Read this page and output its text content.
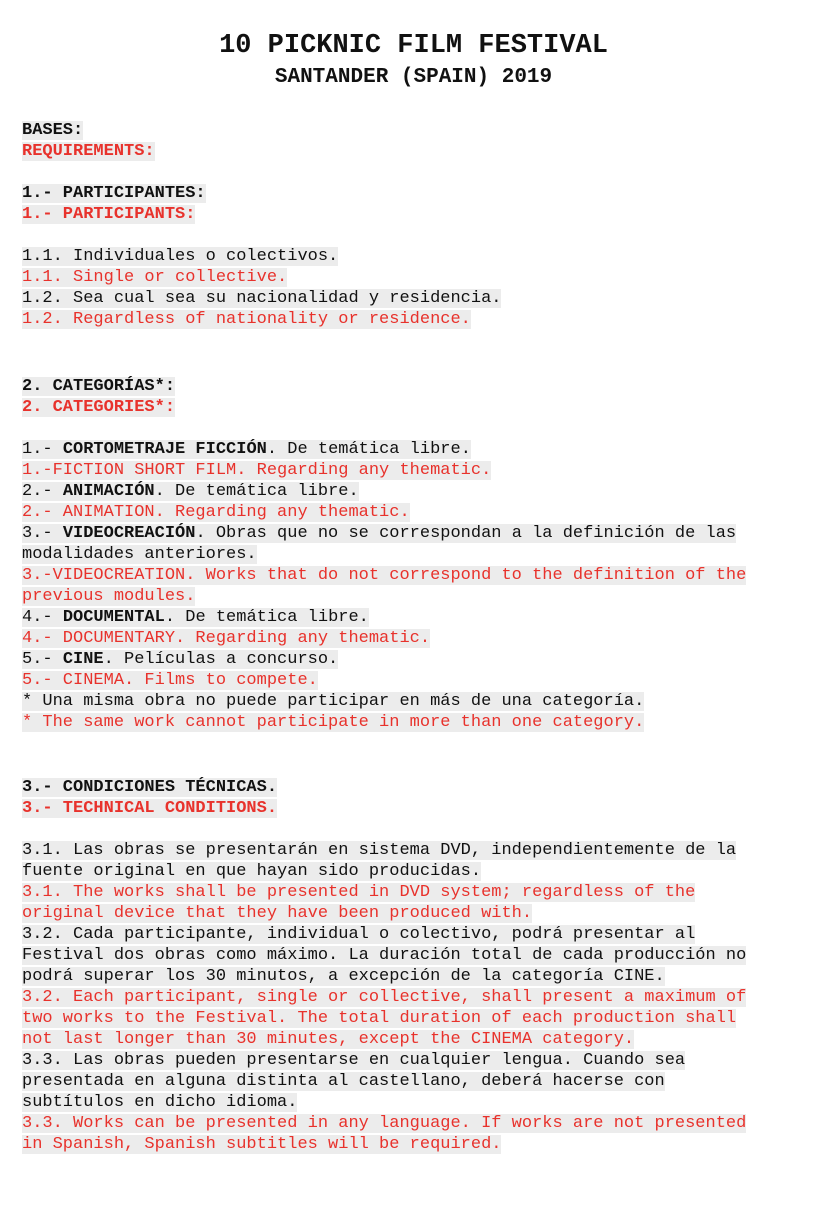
10 PICKNIC FILM FESTIVAL
SANTANDER (SPAIN) 2019
BASES:
REQUIREMENTS:
1.- PARTICIPANTES:
1.- PARTICIPANTS:
1.1. Individuales o colectivos.
1.1. Single or collective.
1.2. Sea cual sea su nacionalidad y residencia.
1.2. Regardless of nationality or residence.
2. CATEGORÍAS*:
2. CATEGORIES*:
1.- CORTOMETRAJE FICCIÓN. De temática libre.
1.-FICTION SHORT FILM. Regarding any thematic.
2.- ANIMACIÓN. De temática libre.
2.- ANIMATION. Regarding any thematic.
3.- VIDEOCREACIÓN. Obras que no se correspondan a la definición de las
modalidades anteriores.
3.-VIDEOCREATION. Works that do not correspond to the definition of the
previous modules.
4.- DOCUMENTAL. De temática libre.
4.- DOCUMENTARY. Regarding any thematic.
5.- CINE. Películas a concurso.
5.- CINEMA. Films to compete.
* Una misma obra no puede participar en más de una categoría.
* The same work cannot participate in more than one category.
3.- CONDICIONES TÉCNICAS.
3.- TECHNICAL CONDITIONS.
3.1. Las obras se presentarán en sistema DVD, independientemente de la
fuente original en que hayan sido producidas.
3.1. The works shall be presented in DVD system; regardless of the
original device that they have been produced with.
3.2. Cada participante, individual o colectivo, podrá presentar al
Festival dos obras como máximo. La duración total de cada producción no
podrá superar los 30 minutos, a excepción de la categoría CINE.
3.2. Each participant, single or collective, shall present a maximum of
two works to the Festival. The total duration of each production shall
not last longer than 30 minutes, except the CINEMA category.
3.3. Las obras pueden presentarse en cualquier lengua. Cuando sea
presentada en alguna distinta al castellano, deberá hacerse con
subtítulos en dicho idioma.
3.3. Works can be presented in any language. If works are not presented
in Spanish, Spanish subtitles will be required.
